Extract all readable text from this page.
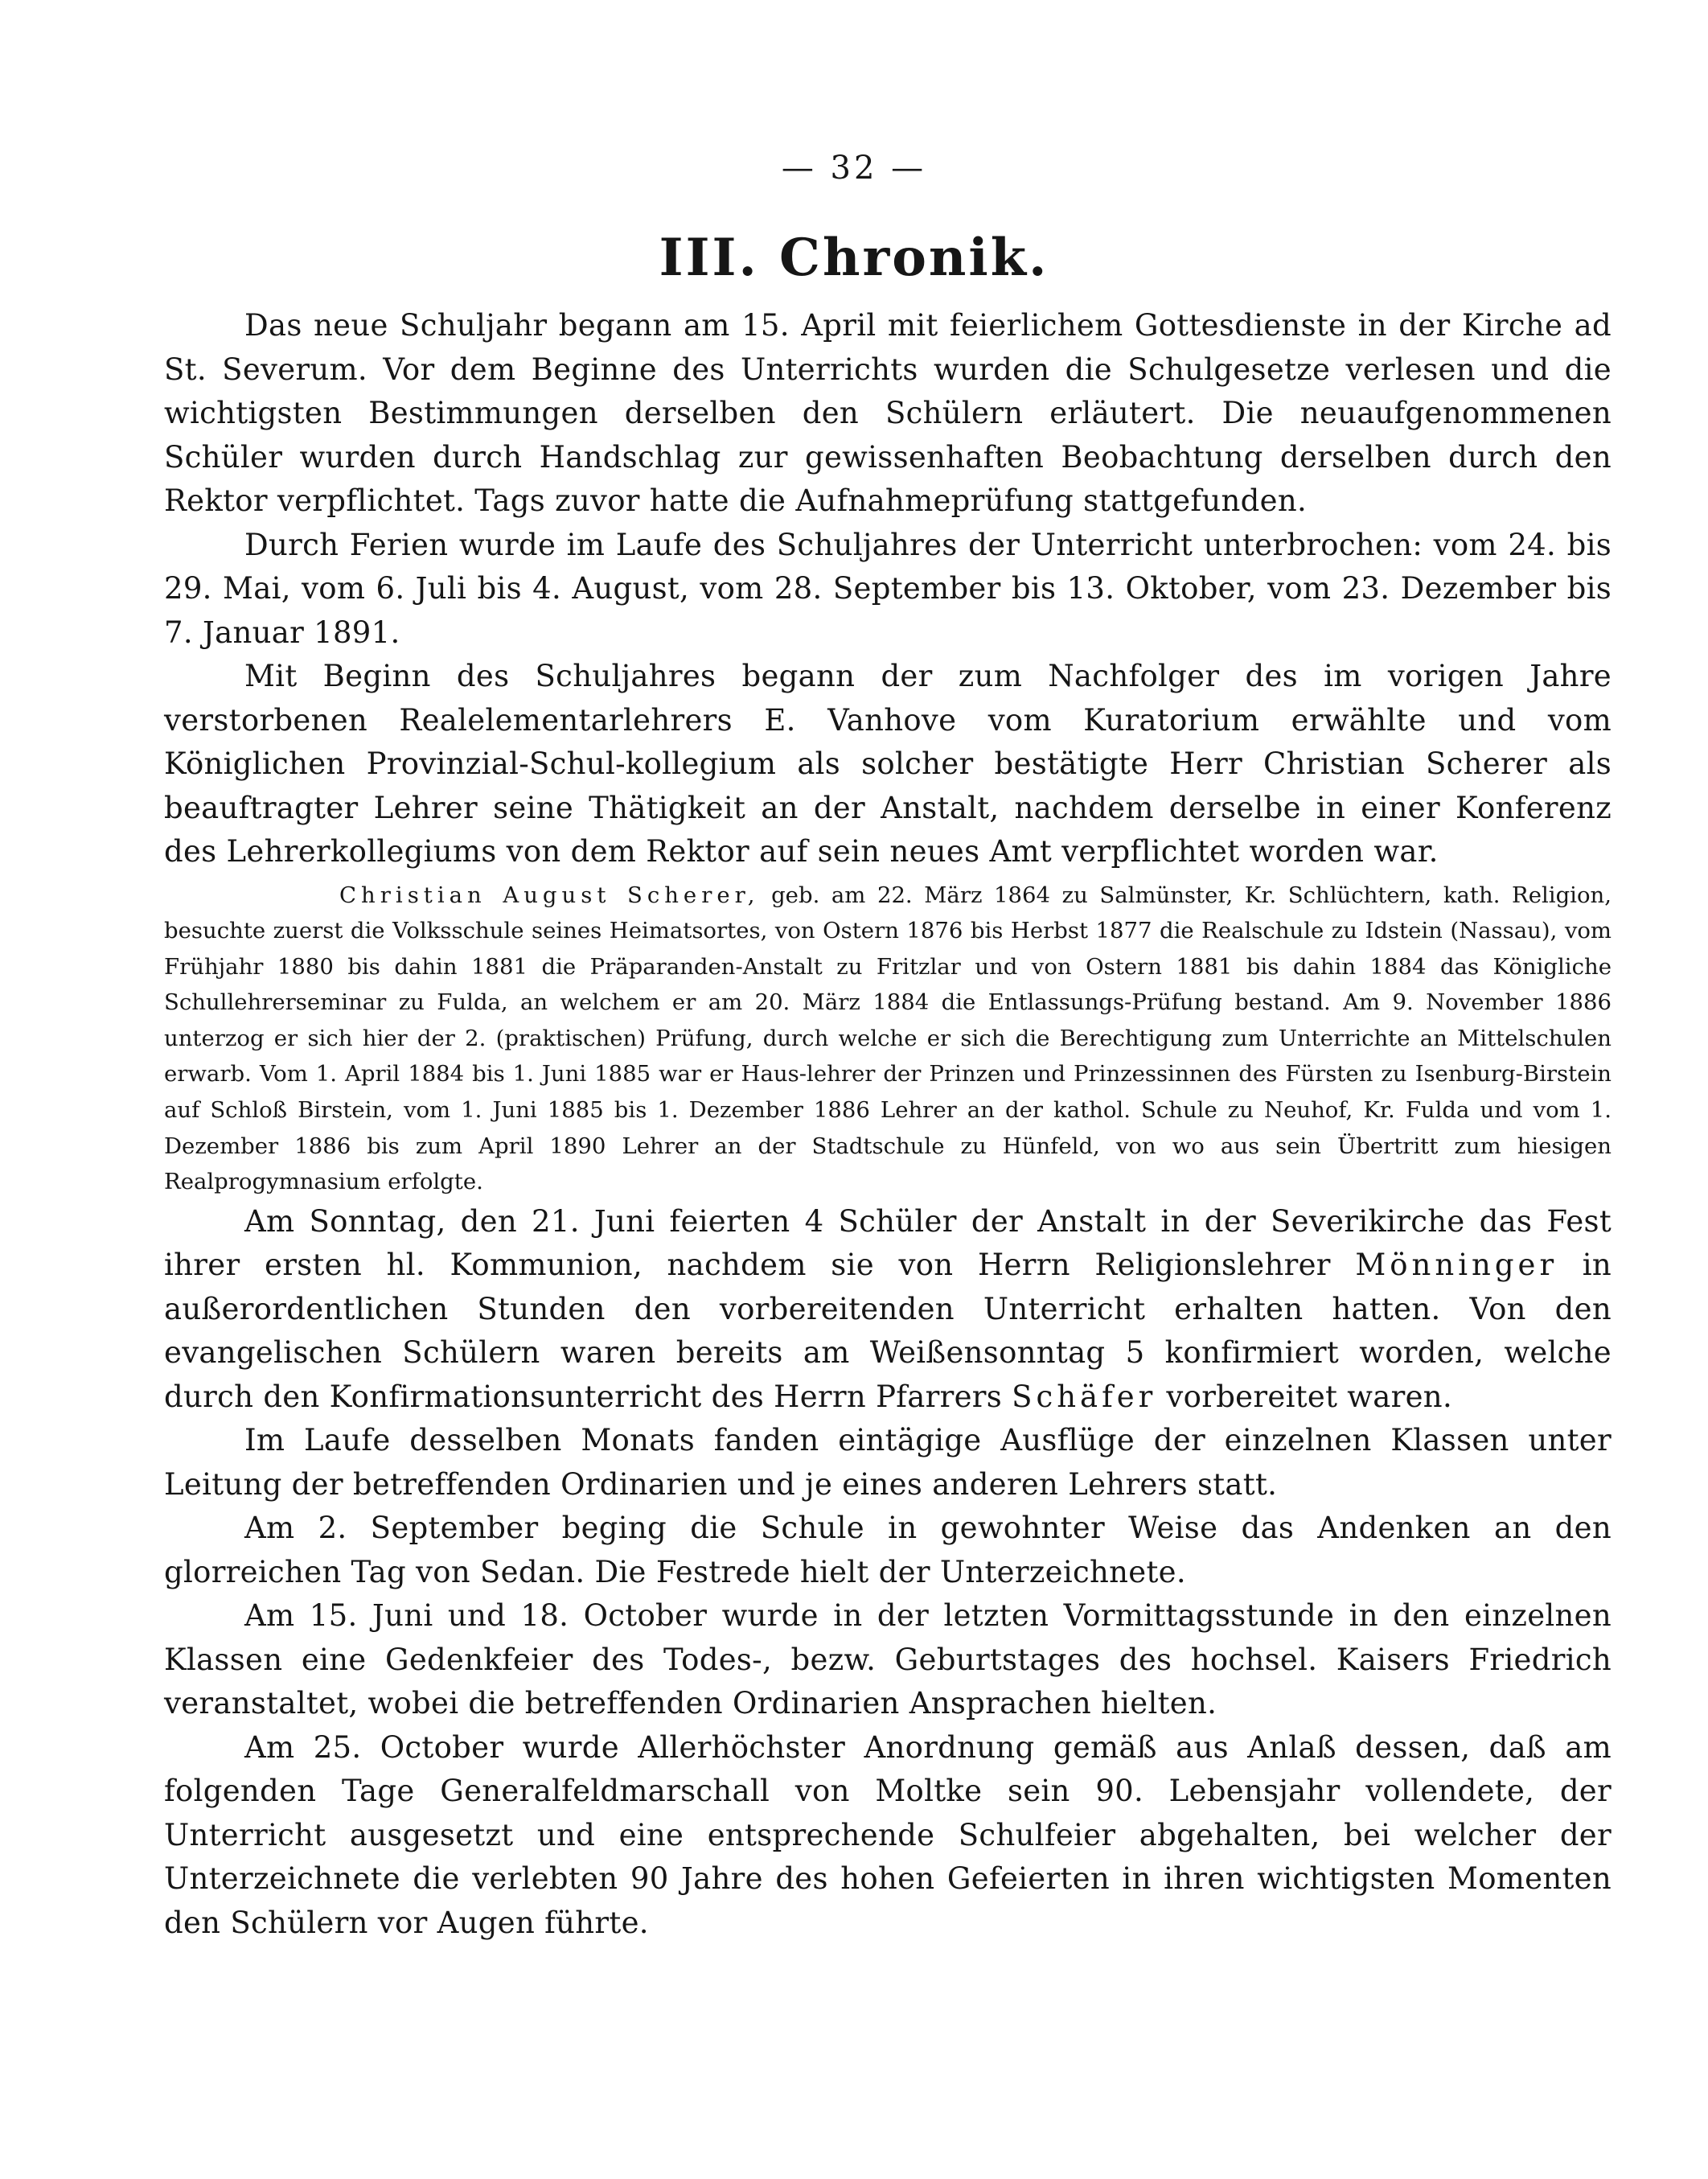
— 32 —
III. Chronik.

Das neue Schuljahr begann am 15. April mit feierlichem Gottesdienste in der Kirche ad St. Severum. Vor dem Beginne des Unterrichts wurden die Schulgesetze verlesen und die wichtigsten Bestimmungen derselben den Schülern erläutert. Die neuaufgenommenen Schüler wurden durch Handschlag zur gewissenhaften Beobachtung derselben durch den Rektor verpflichtet. Tags zuvor hatte die Aufnahmeprüfung stattgefunden.

Durch Ferien wurde im Laufe des Schuljahres der Unterricht unterbrochen: vom 24. bis 29. Mai, vom 6. Juli bis 4. August, vom 28. September bis 13. Oktober, vom 23. Dezember bis 7. Januar 1891.

Mit Beginn des Schuljahres begann der zum Nachfolger des im vorigen Jahre verstorbenen Realelementarlehrers E. Vanhove vom Kuratorium erwählte und vom Königlichen Provinzial-Schul-kollegium als solcher bestätigte Herr Christian Scherer als beauftragter Lehrer seine Thätigkeit an der Anstalt, nachdem derselbe in einer Konferenz des Lehrerkollegiums von dem Rektor auf sein neues Amt verpflichtet worden war.

Christian August Scherer, geb. am 22. März 1864 zu Salmünster, Kr. Schlüchtern, kath. Religion, besuchte zuerst die Volksschule seines Heimatsortes, von Ostern 1876 bis Herbst 1877 die Realschule zu Idstein (Nassau), vom Frühjahr 1880 bis dahin 1881 die Präparanden-Anstalt zu Fritzlar und von Ostern 1881 bis dahin 1884 das Königliche Schullehrerseminar zu Fulda, an welchem er am 20. März 1884 die Entlassungs-Prüfung bestand. Am 9. November 1886 unterzog er sich hier der 2. (praktischen) Prüfung, durch welche er sich die Berechtigung zum Unterrichte an Mittelschulen erwarb. Vom 1. April 1884 bis 1. Juni 1885 war er Haus-lehrer der Prinzen und Prinzessinnen des Fürsten zu Isenburg-Birstein auf Schloß Birstein, vom 1. Juni 1885 bis 1. Dezember 1886 Lehrer an der kathol. Schule zu Neuhof, Kr. Fulda und vom 1. Dezember 1886 bis zum April 1890 Lehrer an der Stadtschule zu Hünfeld, von wo aus sein Übertritt zum hiesigen Realprogymnasium erfolgte.

Am Sonntag, den 21. Juni feierten 4 Schüler der Anstalt in der Severikirche das Fest ihrer ersten hl. Kommunion, nachdem sie von Herrn Religionslehrer Mönninger in außerordentlichen Stunden den vorbereitenden Unterricht erhalten hatten. Von den evangelischen Schülern waren bereits am Weißensonntag 5 konfirmiert worden, welche durch den Konfirmationsunterricht des Herrn Pfarrers Schäfer vorbereitet waren.

Im Laufe desselben Monats fanden eintägige Ausflüge der einzelnen Klassen unter Leitung der betreffenden Ordinarien und je eines anderen Lehrers statt.

Am 2. September beging die Schule in gewohnter Weise das Andenken an den glorreichen Tag von Sedan. Die Festrede hielt der Unterzeichnete.

Am 15. Juni und 18. October wurde in der letzten Vormittagsstunde in den einzelnen Klassen eine Gedenkfeier des Todes-, bezw. Geburtstages des hochsel. Kaisers Friedrich veranstaltet, wobei die betreffenden Ordinarien Ansprachen hielten.

Am 25. October wurde Allerhöchster Anordnung gemäß aus Anlaß dessen, daß am folgenden Tage Generalfeldmarschall von Moltke sein 90. Lebensjahr vollendete, der Unterricht ausgesetzt und eine entsprechende Schulfeier abgehalten, bei welcher der Unterzeichnete die verlebten 90 Jahre des hohen Gefeierten in ihren wichtigsten Momenten den Schülern vor Augen führte.
